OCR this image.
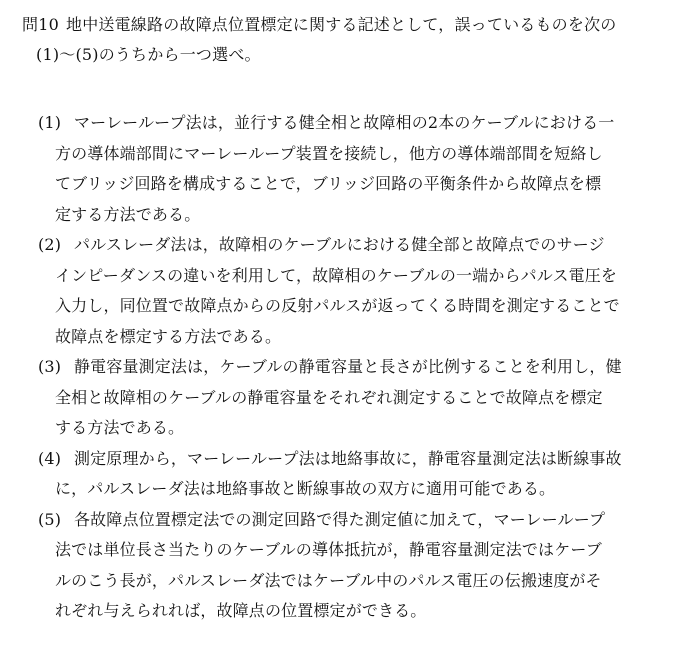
問10 地中送電線路の故障点位置標定に関する記述として，誤っているものを次の
(1)～(5)のうちから一つ選べ。
(1) マーレーループ法は，並行する健全相と故障相の2本のケーブルにおける一
方の導体端部間にマーレーループ装置を接続し，他方の導体端部間を短絡し
てブリッジ回路を構成することで，ブリッジ回路の平衡条件から故障点を標
定する方法である。
(2) パルスレーダ法は，故障相のケーブルにおける健全部と故障点でのサージ
インピーダンスの違いを利用して，故障相のケーブルの一端からパルス電圧を
入力し，同位置で故障点からの反射パルスが返ってくる時間を測定することで
故障点を標定する方法である。
(3) 静電容量測定法は，ケーブルの静電容量と長さが比例することを利用し，健
全相と故障相のケーブルの静電容量をそれぞれ測定することで故障点を標定
する方法である。
(4) 測定原理から，マーレーループ法は地絡事故に，静電容量測定法は断線事故
に，パルスレーダ法は地絡事故と断線事故の双方に適用可能である。
(5) 各故障点位置標定法での測定回路で得た測定値に加えて，マーレーループ
法では単位長さ当たりのケーブルの導体抵抗が，静電容量測定法ではケーブ
ルのこう長が，パルスレーダ法ではケーブル中のパルス電圧の伝搬速度がそ
れぞれ与えられれば，故障点の位置標定ができる。
